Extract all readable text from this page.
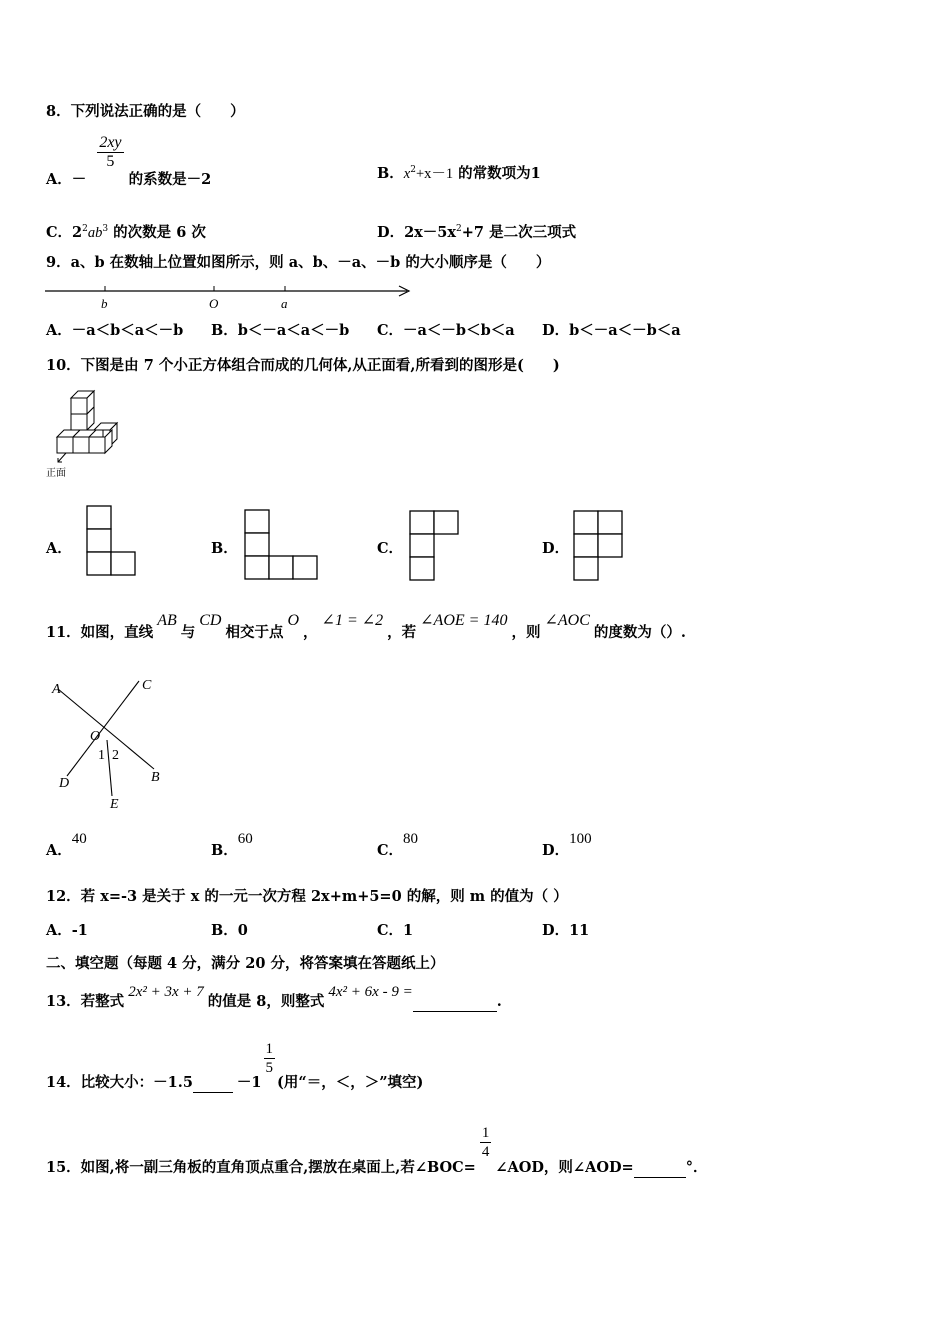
8．下列说法正确的是（　　）
A．－
$\frac{2xy}{5}$
的系数是－2	B．$x^2+x-1$ 的常数项为1
C．$2^2ab^3$ 的次数是 6 次	D．$2x-5x^2+7$ 是二次三项式
9．a、b 在数轴上位置如图所示，则 a、b、－a、－b 的大小顺序是（　　）
b	O	a
A．－a＜b＜a＜－b B．b＜－a＜a＜－b C．－a＜－b＜b＜a D．b＜－a＜－b＜a
10．下图是由 7 个小正方体组合而成的几何体,从正面看,所看到的图形是(　　)
正面
A．	B．	C．	D．
11．如图，直线AB与CD相交于点O，∠1 = ∠2，若∠AOE = 140，则∠AOC的度数为（）.
A	C
O
1 2
D	B
E
A．40
B．60
C．80
D．100
12．若 x=-3 是关于 x 的一元一次方程 2x+m+5=0 的解，则 m 的值为（ ）
A．-1	B．0	C．1	D．11
二、填空题（每题 4 分，满分 20 分，将答案填在答题纸上）
13．若整式2x² + 3x + 7的值是 8，则整式4x² + 6x - 9 = .
14．比较大小：－1.5	－1
$\frac{1}{5}$
(用“＝，＜，＞”填空)
15．如图,将一副三角板的直角顶点重合,摆放在桌面上,若∠BOC=
$\frac{1}{4}$
∠AOD，则∠AOD=	°．
